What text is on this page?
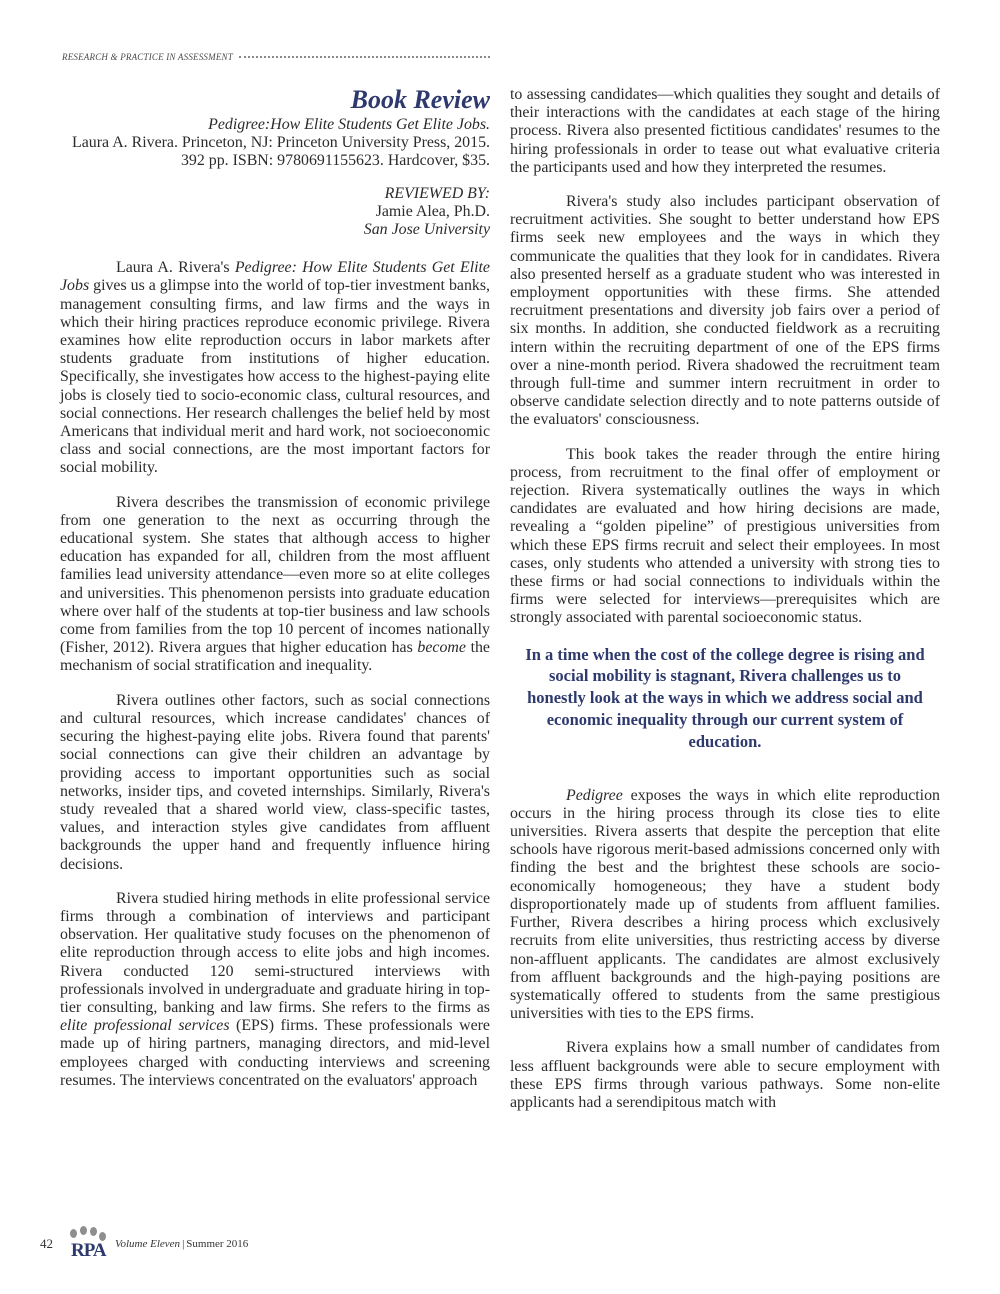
RESEARCH & PRACTICE IN ASSESSMENT
Book Review
Pedigree:How Elite Students Get Elite Jobs.
Laura A. Rivera. Princeton, NJ: Princeton University Press, 2015. 392 pp. ISBN: 9780691155623. Hardcover, $35.
REVIEWED BY:
Jamie Alea, Ph.D.
San Jose University

Laura A. Rivera's Pedigree: How Elite Students Get Elite Jobs gives us a glimpse into the world of top-tier investment banks, management consulting firms, and law firms and the ways in which their hiring practices reproduce economic privilege. Rivera examines how elite reproduction occurs in labor markets after students graduate from institutions of higher education. Specifically, she investigates how access to the highest-paying elite jobs is closely tied to socio-economic class, cultural resources, and social connections. Her research challenges the belief held by most Americans that individual merit and hard work, not socioeconomic class and social connections, are the most important factors for social mobility.

Rivera describes the transmission of economic privilege from one generation to the next as occurring through the educational system. She states that although access to higher education has expanded for all, children from the most affluent families lead university attendance—even more so at elite colleges and universities. This phenomenon persists into graduate education where over half of the students at top-tier business and law schools come from families from the top 10 percent of incomes nationally (Fisher, 2012). Rivera argues that higher education has become the mechanism of social stratification and inequality.

Rivera outlines other factors, such as social connections and cultural resources, which increase candidates' chances of securing the highest-paying elite jobs. Rivera found that parents' social connections can give their children an advantage by providing access to important opportunities such as social networks, insider tips, and coveted internships. Similarly, Rivera's study revealed that a shared world view, class-specific tastes, values, and interaction styles give candidates from affluent backgrounds the upper hand and frequently influence hiring decisions.

Rivera studied hiring methods in elite professional service firms through a combination of interviews and participant observation. Her qualitative study focuses on the phenomenon of elite reproduction through access to elite jobs and high incomes. Rivera conducted 120 semi-structured interviews with professionals involved in undergraduate and graduate hiring in top-tier consulting, banking and law firms. She refers to the firms as elite professional services (EPS) firms. These professionals were made up of hiring partners, managing directors, and mid-level employees charged with conducting interviews and screening resumes. The interviews concentrated on the evaluators' approach

to assessing candidates—which qualities they sought and details of their interactions with the candidates at each stage of the hiring process. Rivera also presented fictitious candidates' resumes to the hiring professionals in order to tease out what evaluative criteria the participants used and how they interpreted the resumes.

Rivera's study also includes participant observation of recruitment activities. She sought to better understand how EPS firms seek new employees and the ways in which they communicate the qualities that they look for in candidates. Rivera also presented herself as a graduate student who was interested in employment opportunities with these firms. She attended recruitment presentations and diversity job fairs over a period of six months. In addition, she conducted fieldwork as a recruiting intern within the recruiting department of one of the EPS firms over a nine-month period. Rivera shadowed the recruitment team through full-time and summer intern recruitment in order to observe candidate selection directly and to note patterns outside of the evaluators' consciousness.

This book takes the reader through the entire hiring process, from recruitment to the final offer of employment or rejection. Rivera systematically outlines the ways in which candidates are evaluated and how hiring decisions are made, revealing a “golden pipeline” of prestigious universities from which these EPS firms recruit and select their employees. In most cases, only students who attended a university with strong ties to these firms or had social connections to individuals within the firms were selected for interviews—prerequisites which are strongly associated with parental socioeconomic status.

In a time when the cost of the college degree is rising and social mobility is stagnant, Rivera challenges us to honestly look at the ways in which we address social and economic inequality through our current system of education.

Pedigree exposes the ways in which elite reproduction occurs in the hiring process through its close ties to elite universities. Rivera asserts that despite the perception that elite schools have rigorous merit-based admissions concerned only with finding the best and the brightest these schools are socio-economically homogeneous; they have a student body disproportionately made up of students from affluent families. Further, Rivera describes a hiring process which exclusively recruits from elite universities, thus restricting access by diverse non-affluent applicants. The candidates are almost exclusively from affluent backgrounds and the high-paying positions are systematically offered to students from the same prestigious universities with ties to the EPS firms.

Rivera explains how a small number of candidates from less affluent backgrounds were able to secure employment with these EPS firms through various pathways. Some non-elite applicants had a serendipitous match with

42 RPA Volume Eleven | Summer 2016
